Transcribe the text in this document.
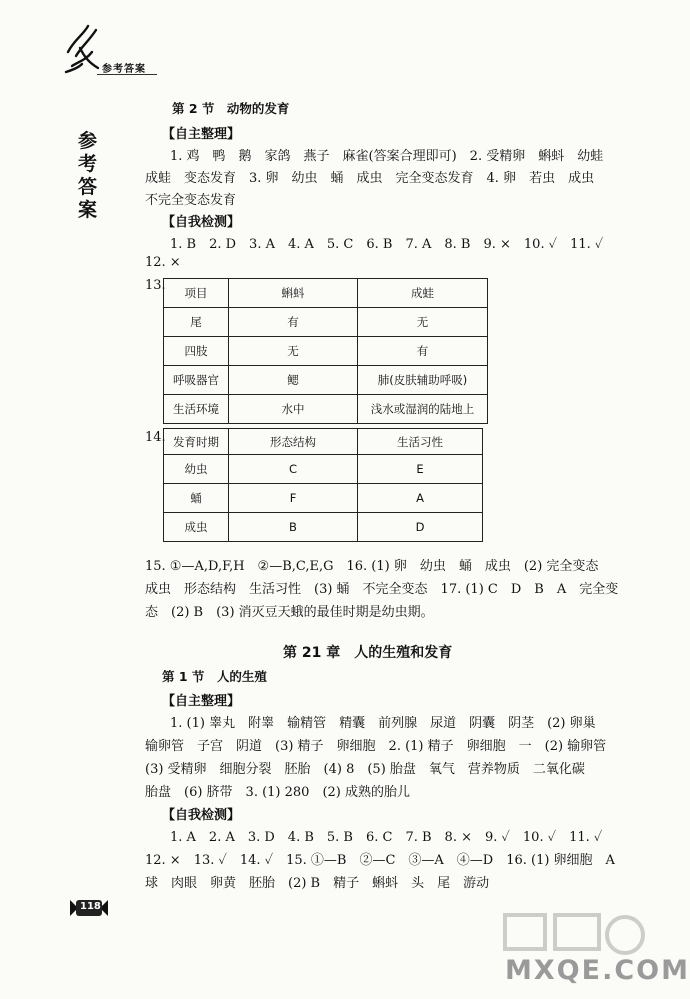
参考答案
参考答案
第 2 节　动物的发育
【自主整理】
1. 鸡　鸭　鹅　家鸽　燕子　麻雀(答案合理即可)　2. 受精卵　蝌蚪　幼蛙
成蛙　变态发育　3. 卵　幼虫　蛹　成虫　完全变态发育　4. 卵　若虫　成虫
不完全变态发育
【自我检测】
1. B　2. D　3. A　4. A　5. C　6. B　7. A　8. B　9. ×　10. ✓　11. ✓
12. ×
13. 项目	蝌蚪	成蛙
尾	有	无
四肢	无	有
呼吸器官	鳃	肺(皮肤辅助呼吸)
生活环境	水中	浅水或湿润的陆地上
14. 发育时期	形态结构	生活习性
幼虫	C	E
蛹	F	A
成虫	B	D
15. ①—A,D,F,H　②—B,C,E,G　16. (1) 卵　幼虫　蛹　成虫　(2) 完全变态
成虫　形态结构　生活习性　(3) 蛹　不完全变态　17. (1) C　D　B　A　完全变
态　(2) B　(3) 消灭豆天蛾的最佳时期是幼虫期。
第 21 章　人的生殖和发育
第 1 节　人的生殖
【自主整理】
1. (1) 睾丸　附睾　输精管　精囊　前列腺　尿道　阴囊　阴茎　(2) 卵巢
输卵管　子宫　阴道　(3) 精子　卵细胞　2. (1) 精子　卵细胞　一　(2) 输卵管
(3) 受精卵　细胞分裂　胚胎　(4) 8　(5) 胎盘　氧气　营养物质　二氧化碳
胎盘　(6) 脐带　3. (1) 280　(2) 成熟的胎儿
【自我检测】
1. A　2. A　3. D　4. B　5. B　6. C　7. B　8. ×　9. ✓　10. ✓　11. ✓
12. ×　13. ✓　14. ✓　15. ①—B　②—C　③—A　④—D　16. (1) 卵细胞　A
球　肉眼　卵黄　胚胎　(2) B　精子　蝌蚪　头　尾　游动
118
MXQE.COM
